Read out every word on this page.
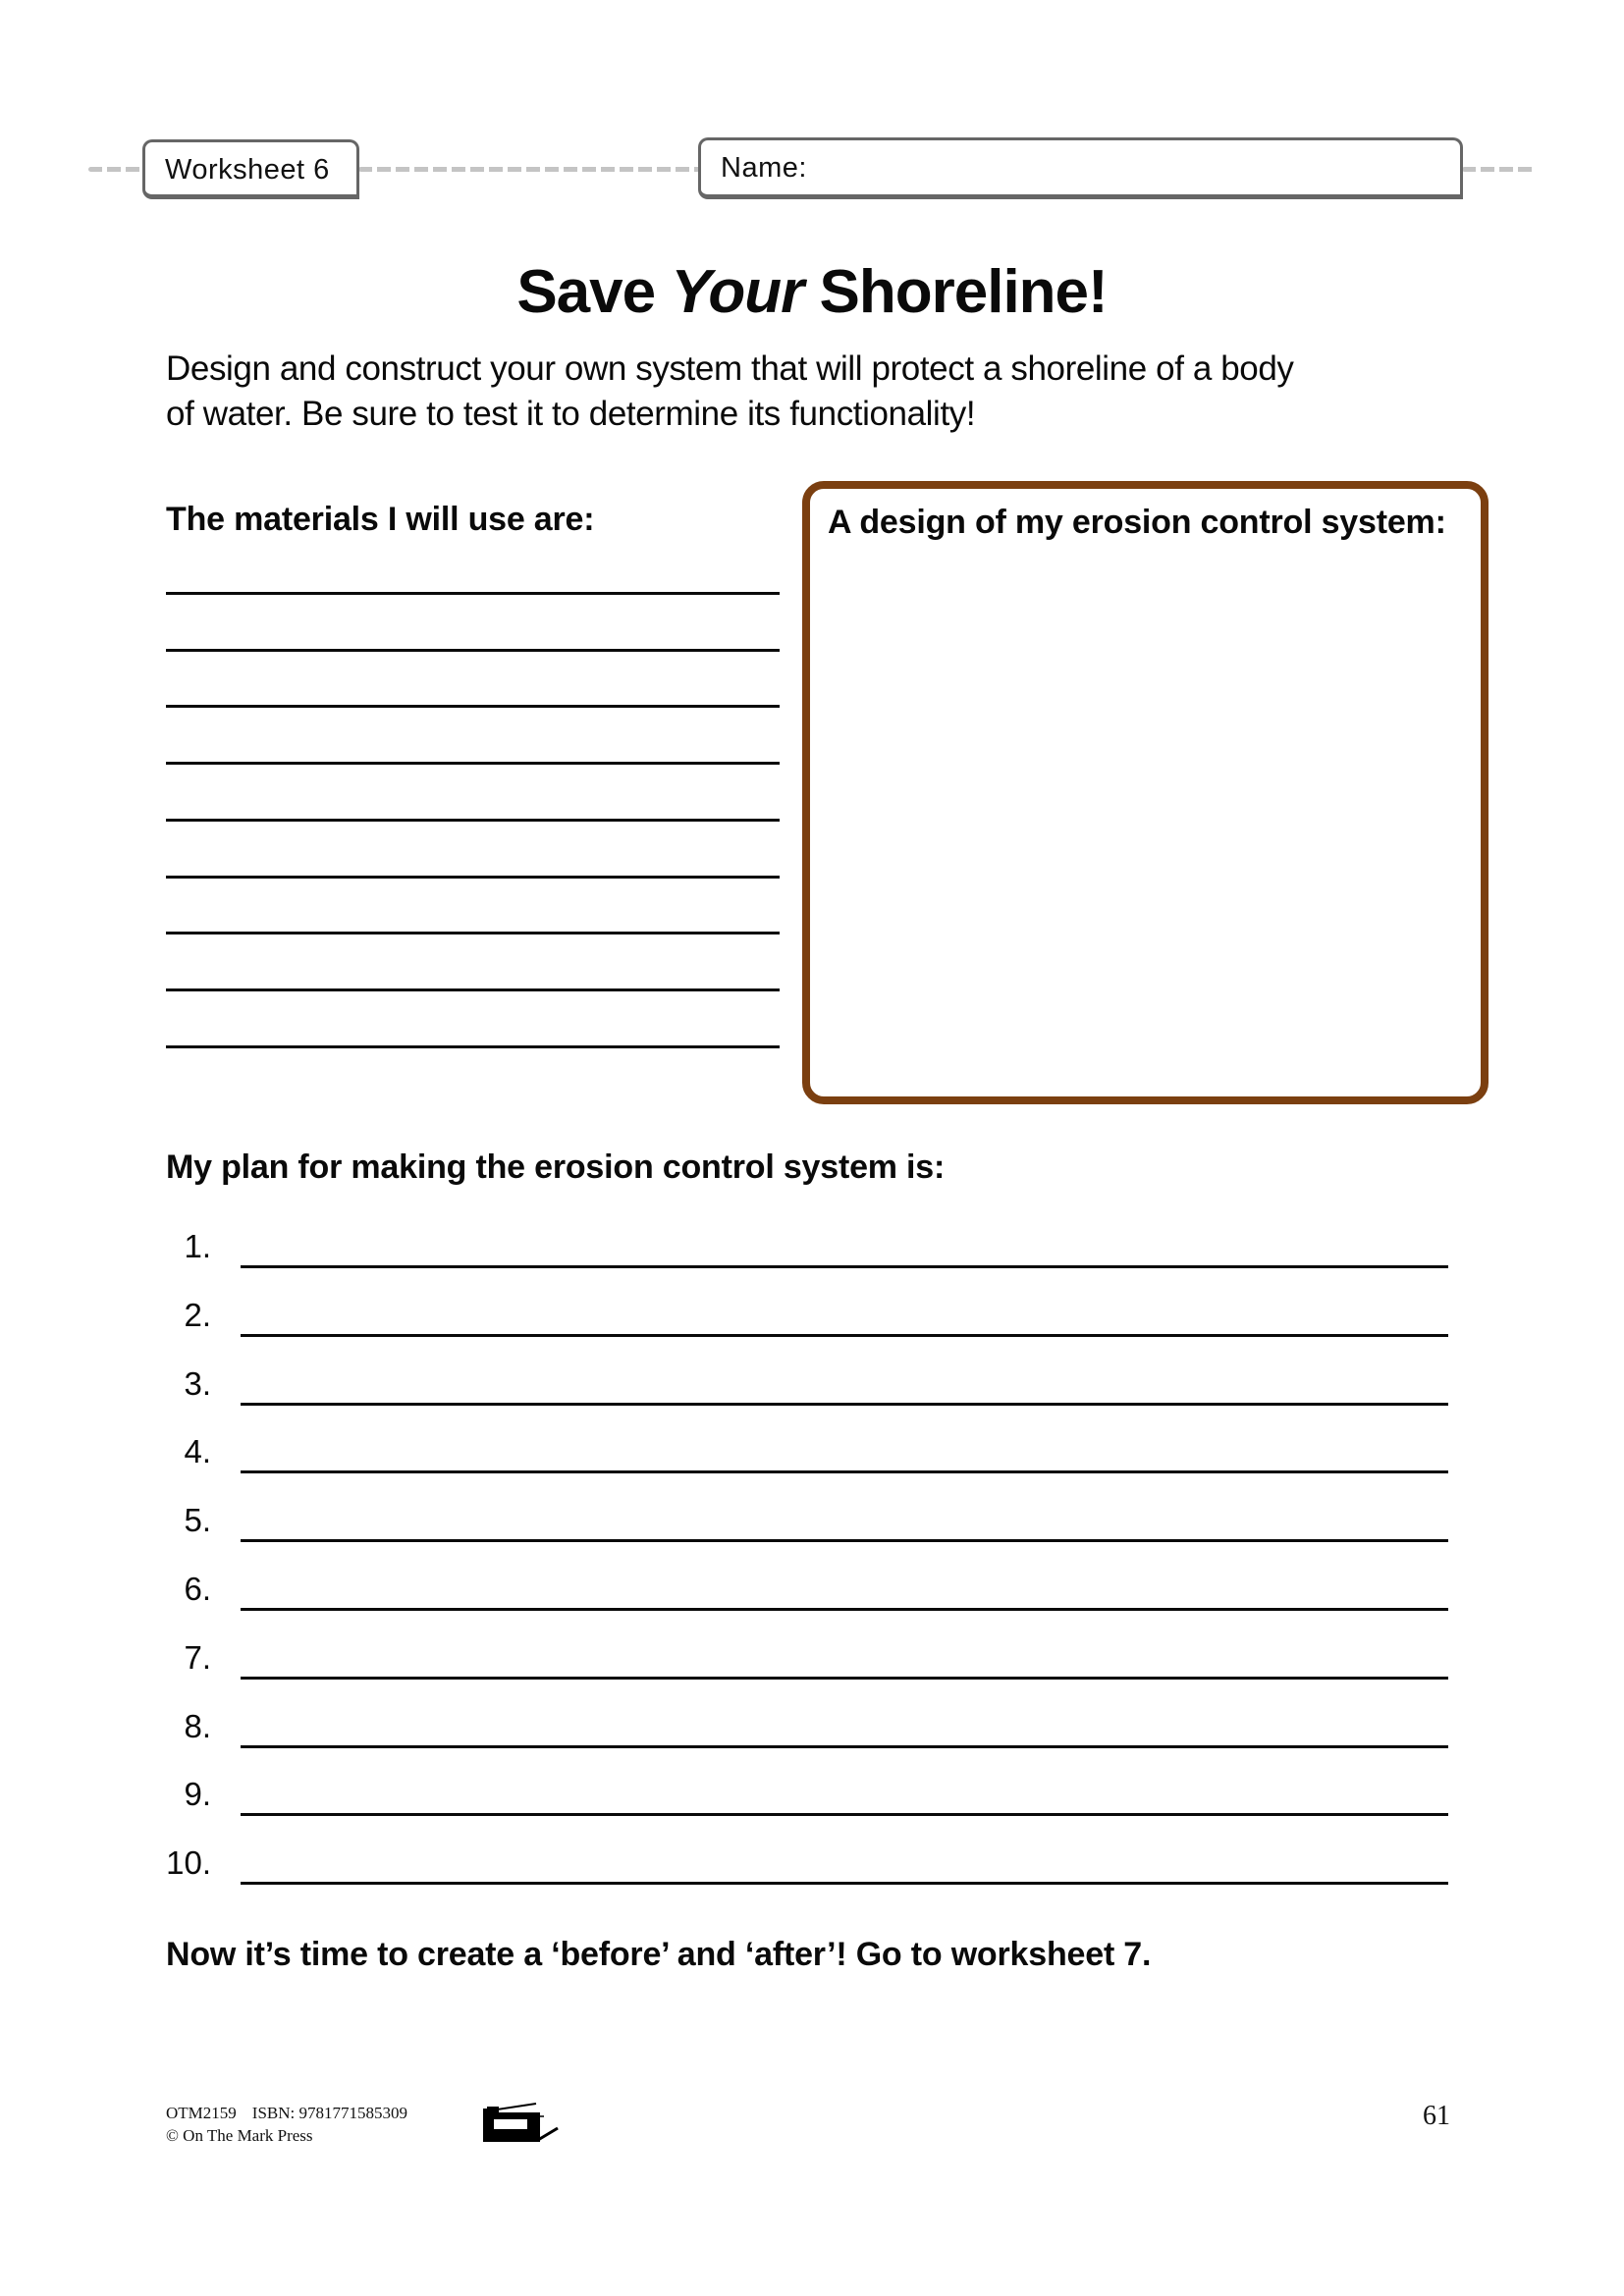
Worksheet 6	Name:
Save Your Shoreline!
Design and construct your own system that will protect a shoreline of a body
of water. Be sure to test it to determine its functionality!
The materials I will use are:	A design of my erosion control system:
My plan for making the erosion control system is:
1.
2.
3.
4.
5.
6.
7.
8.
9.
10.
Now it’s time to create a ‘before’ and ‘after’! Go to worksheet 7.
OTM2159 ISBN: 9781771585309
© On The Mark Press
61
